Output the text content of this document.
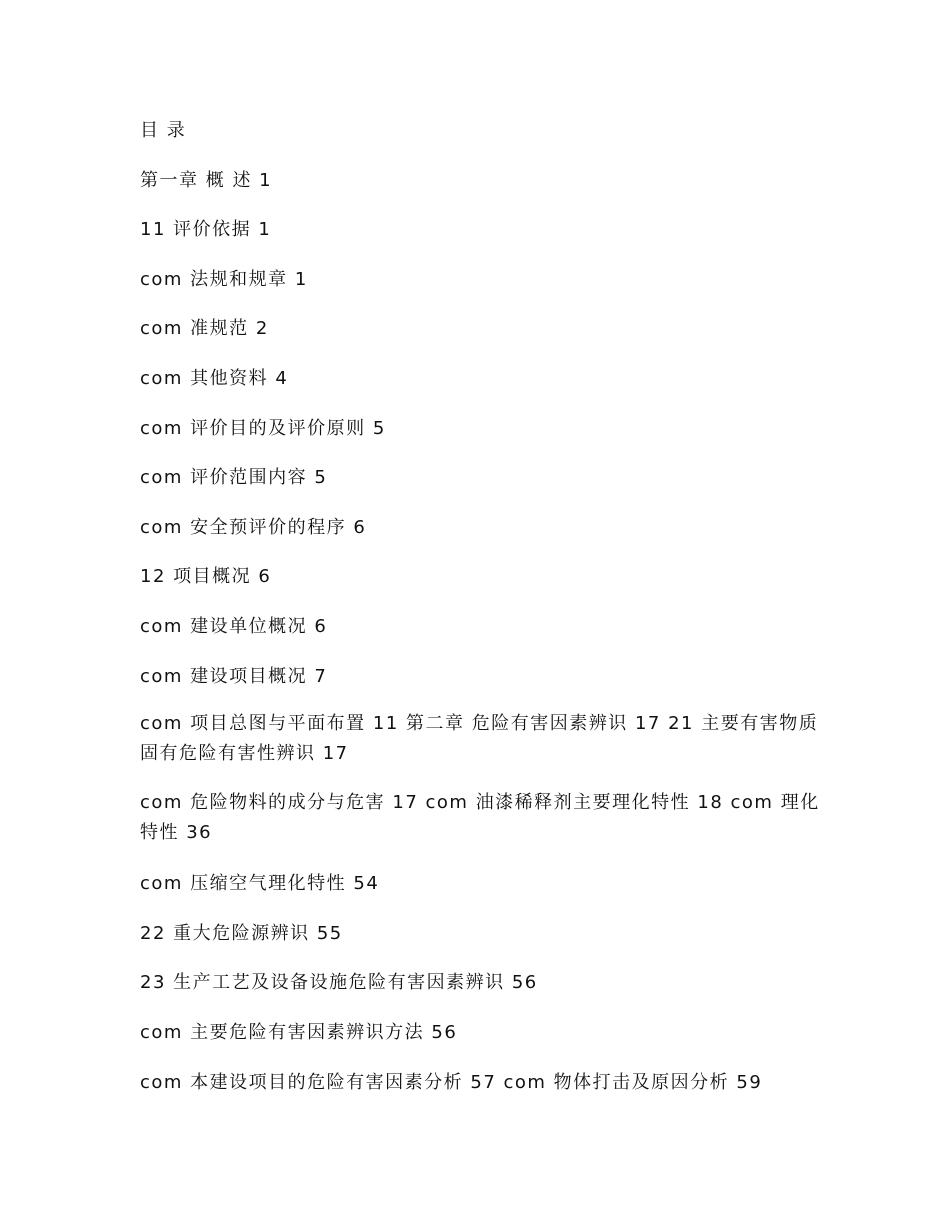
目 录
第一章 概 述 1
11 评价依据 1
com 法规和规章 1
com 准规范 2
com 其他资料 4
com 评价目的及评价原则 5
com 评价范围内容 5
com 安全预评价的程序 6
12 项目概况 6
com 建设单位概况 6
com 建设项目概况 7
com 项目总图与平面布置 11 第二章 危险有害因素辨识 17 21 主要有害物质固有危险有害性辨识 17
com 危险物料的成分与危害 17 com 油漆稀释剂主要理化特性 18 com 理化特性 36
com 压缩空气理化特性 54
22 重大危险源辨识 55
23 生产工艺及设备设施危险有害因素辨识 56
com 主要危险有害因素辨识方法 56
com 本建设项目的危险有害因素分析 57 com 物体打击及原因分析 59
